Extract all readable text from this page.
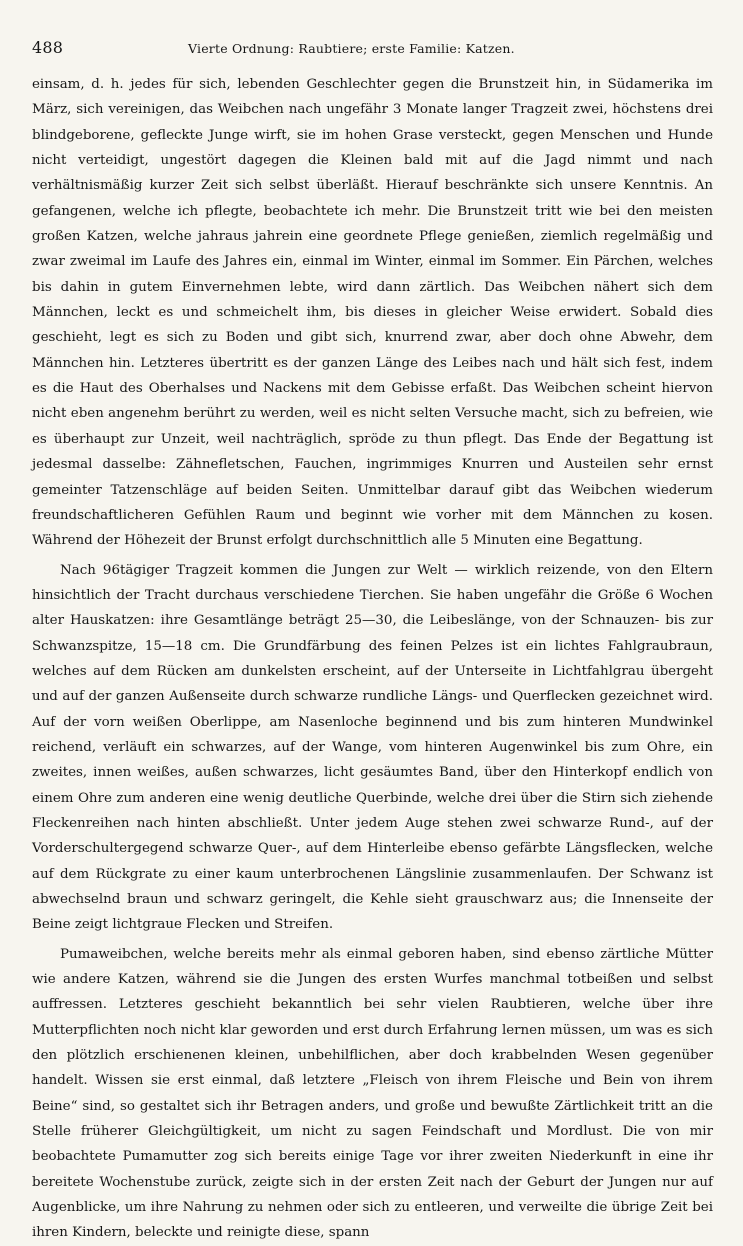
488	Vierte Ordnung: Raubtiere; erste Familie: Katzen.

einsam, d. h. jedes für sich, lebenden Geschlechter gegen die Brunstzeit hin, in Südamerika im März, sich vereinigen, das Weibchen nach ungefähr 3 Monate langer Tragzeit zwei, höchstens drei blindgeborene, gefleckte Junge wirft, sie im hohen Grase versteckt, gegen Menschen und Hunde nicht verteidigt, ungestört dagegen die Kleinen bald mit auf die Jagd nimmt und nach verhältnismäßig kurzer Zeit sich selbst überläßt. Hierauf beschränkte sich unsere Kenntnis. An gefangenen, welche ich pflegte, beobachtete ich mehr. Die Brunstzeit tritt wie bei den meisten großen Katzen, welche jahraus jahrein eine geordnete Pflege genießen, ziemlich regelmäßig und zwar zweimal im Laufe des Jahres ein, einmal im Winter, einmal im Sommer. Ein Pärchen, welches bis dahin in gutem Einvernehmen lebte, wird dann zärtlich. Das Weibchen nähert sich dem Männchen, leckt es und schmeichelt ihm, bis dieses in gleicher Weise erwidert. Sobald dies geschieht, legt es sich zu Boden und gibt sich, knurrend zwar, aber doch ohne Abwehr, dem Männchen hin. Letzteres übertritt es der ganzen Länge des Leibes nach und hält sich fest, indem es die Haut des Oberhalses und Nackens mit dem Gebisse erfaßt. Das Weibchen scheint hiervon nicht eben angenehm berührt zu werden, weil es nicht selten Versuche macht, sich zu befreien, wie es überhaupt zur Unzeit, weil nachträglich, spröde zu thun pflegt. Das Ende der Begattung ist jedesmal dasselbe: Zähnefletschen, Fauchen, ingrimmiges Knurren und Austeilen sehr ernst gemeinter Tatzenschläge auf beiden Seiten. Unmittelbar darauf gibt das Weibchen wiederum freundschaftlicheren Gefühlen Raum und beginnt wie vorher mit dem Männchen zu kosen. Während der Höhezeit der Brunst erfolgt durchschnittlich alle 5 Minuten eine Begattung.

Nach 96tägiger Tragzeit kommen die Jungen zur Welt — wirklich reizende, von den Eltern hinsichtlich der Tracht durchaus verschiedene Tierchen. Sie haben ungefähr die Größe 6 Wochen alter Hauskatzen: ihre Gesamtlänge beträgt 25—30, die Leibeslänge, von der Schnauzen- bis zur Schwanzspitze, 15—18 cm. Die Grundfärbung des feinen Pelzes ist ein lichtes Fahlgraubraun, welches auf dem Rücken am dunkelsten erscheint, auf der Unterseite in Lichtfahlgrau übergeht und auf der ganzen Außenseite durch schwarze rundliche Längs- und Querflecken gezeichnet wird. Auf der vorn weißen Oberlippe, am Nasenloche beginnend und bis zum hinteren Mundwinkel reichend, verläuft ein schwarzes, auf der Wange, vom hinteren Augenwinkel bis zum Ohre, ein zweites, innen weißes, außen schwarzes, licht gesäumtes Band, über den Hinterkopf endlich von einem Ohre zum anderen eine wenig deutliche Querbinde, welche drei über die Stirn sich ziehende Fleckenreihen nach hinten abschließt. Unter jedem Auge stehen zwei schwarze Rund-, auf der Vorderschultergegend schwarze Quer-, auf dem Hinterleibe ebenso gefärbte Längsflecken, welche auf dem Rückgrate zu einer kaum unterbrochenen Längslinie zusammenlaufen. Der Schwanz ist abwechselnd braun und schwarz geringelt, die Kehle sieht grauschwarz aus; die Innenseite der Beine zeigt lichtgraue Flecken und Streifen.

Pumaweibchen, welche bereits mehr als einmal geboren haben, sind ebenso zärtliche Mütter wie andere Katzen, während sie die Jungen des ersten Wurfes manchmal totbeißen und selbst auffressen. Letzteres geschieht bekanntlich bei sehr vielen Raubtieren, welche über ihre Mutterpflichten noch nicht klar geworden und erst durch Erfahrung lernen müssen, um was es sich den plötzlich erschienenen kleinen, unbehilflichen, aber doch krabbelnden Wesen gegenüber handelt. Wissen sie erst einmal, daß letztere „Fleisch von ihrem Fleische und Bein von ihrem Beine“ sind, so gestaltet sich ihr Betragen anders, und große und bewußte Zärtlichkeit tritt an die Stelle früherer Gleichgültigkeit, um nicht zu sagen Feindschaft und Mordlust. Die von mir beobachtete Pumamutter zog sich bereits einige Tage vor ihrer zweiten Niederkunft in eine ihr bereitete Wochenstube zurück, zeigte sich in der ersten Zeit nach der Geburt der Jungen nur auf Augenblicke, um ihre Nahrung zu nehmen oder sich zu entleeren, und verweilte die übrige Zeit bei ihren Kindern, beleckte und reinigte diese, spann
